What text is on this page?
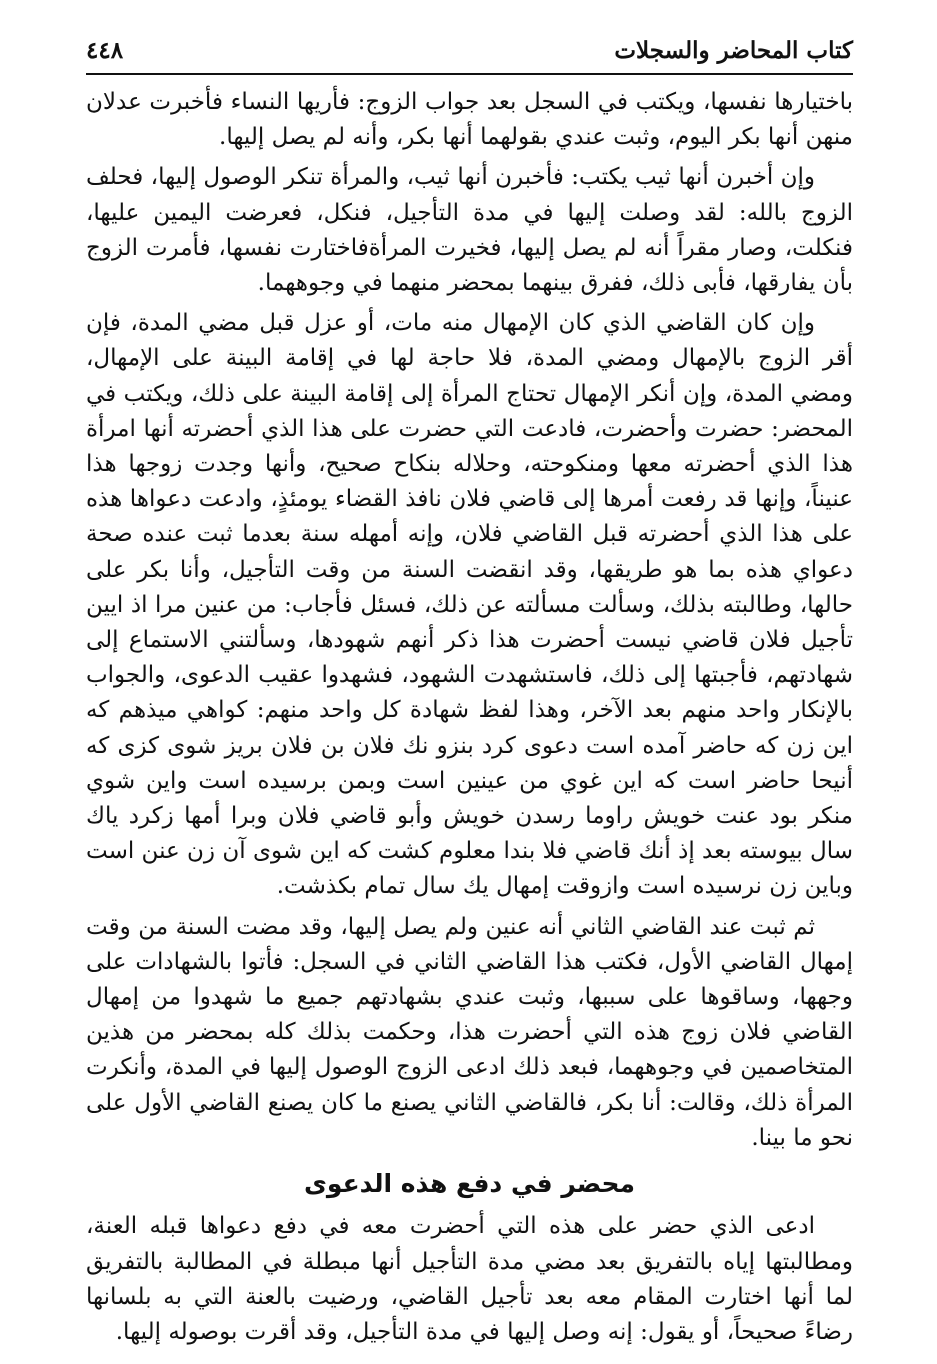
كتاب المحاضر والسجلات
٤٤٨

باختيارها نفسها، ويكتب في السجل بعد جواب الزوج: فأريها النساء فأخبرت عدلان منهن أنها بكر اليوم، وثبت عندي بقولهما أنها بكر، وأنه لم يصل إليها.

وإن أخبرن أنها ثيب يكتب: فأخبرن أنها ثيب، والمرأة تنكر الوصول إليها، فحلف الزوج بالله: لقد وصلت إليها في مدة التأجيل، فنكل، فعرضت اليمين عليها، فنكلت، وصار مقراً أنه لم يصل إليها، فخيرت المرأةفاختارت نفسها، فأمرت الزوج بأن يفارقها، فأبى ذلك، ففرق بينهما بمحضر منهما في وجوههما.

وإن كان القاضي الذي كان الإمهال منه مات، أو عزل قبل مضي المدة، فإن أقر الزوج بالإمهال ومضي المدة، فلا حاجة لها في إقامة البينة على الإمهال، ومضي المدة، وإن أنكر الإمهال تحتاج المرأة إلى إقامة البينة على ذلك، ويكتب في المحضر: حضرت وأحضرت، فادعت التي حضرت على هذا الذي أحضرته أنها امرأة هذا الذي أحضرته معها ومنكوحته، وحلاله بنكاح صحيح، وأنها وجدت زوجها هذا عنيناً، وإنها قد رفعت أمرها إلى قاضي فلان نافذ القضاء يومئذٍ، وادعت دعواها هذه على هذا الذي أحضرته قبل القاضي فلان، وإنه أمهله سنة بعدما ثبت عنده صحة دعواي هذه بما هو طريقها، وقد انقضت السنة من وقت التأجيل، وأنا بكر على حالها، وطالبته بذلك، وسألت مسألته عن ذلك، فسئل فأجاب: من عنين مرا اذ ايين تأجيل فلان قاضي نيست أحضرت هذا ذكر أنهم شهودها، وسألتني الاستماع إلى شهادتهم، فأجبتها إلى ذلك، فاستشهدت الشهود، فشهدوا عقيب الدعوى، والجواب بالإنكار واحد منهم بعد الآخر، وهذا لفظ شهادة كل واحد منهم: كواهي ميذهم كه اين زن كه حاضر آمده است دعوى كرد بنزو نك فلان بن فلان بريز شوى كزى كه أنيحا حاضر است كه اين غوي من عينين است وبمن برسيده است واين شوي منكر بود عنت خويش راوما رسدن خويش وأبو قاضي فلان وبرا أمها زكرد ياك سال بيوسته بعد إذ أنك قاضي فلا بندا معلوم كشت كه اين شوى آن زن عنن است وباين زن نرسيده است وازوقت إمهال يك سال تمام بكذشت.

ثم ثبت عند القاضي الثاني أنه عنين ولم يصل إليها، وقد مضت السنة من وقت إمهال القاضي الأول، فكتب هذا القاضي الثاني في السجل: فأتوا بالشهادات على وجهها، وساقوها على سببها، وثبت عندي بشهادتهم جميع ما شهدوا من إمهال القاضي فلان زوج هذه التي أحضرت هذا، وحكمت بذلك كله بمحضر من هذين المتخاصمين في وجوههما، فبعد ذلك ادعى الزوج الوصول إليها في المدة، وأنكرت المرأة ذلك، وقالت: أنا بكر، فالقاضي الثاني يصنع ما كان يصنع القاضي الأول على نحو ما بينا.

محضر في دفع هذه الدعوى

ادعى الذي حضر على هذه التي أحضرت معه في دفع دعواها قبله العنة، ومطالبتها إياه بالتفريق بعد مضي مدة التأجيل أنها مبطلة في المطالبة بالتفريق لما أنها اختارت المقام معه بعد تأجيل القاضي، ورضيت بالعنة التي به بلسانها رضاءً صحيحاً، أو يقول: إنه وصل إليها في مدة التأجيل، وقد أقرت بوصوله إليها.
